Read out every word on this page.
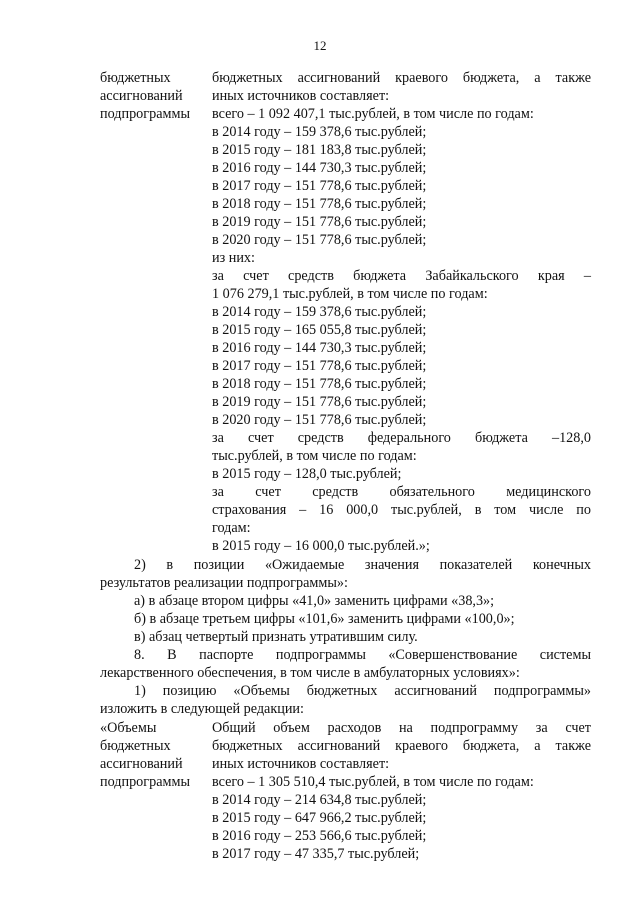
12
бюджетных
ассигнований
подпрограммы
бюджетных ассигнований краевого бюджета, а также
иных источников составляет:
всего – 1 092 407,1 тыс.рублей, в том числе по годам:
в 2014 году – 159 378,6 тыс.рублей;
в 2015 году – 181 183,8 тыс.рублей;
в 2016 году – 144 730,3 тыс.рублей;
в 2017 году – 151 778,6 тыс.рублей;
в 2018 году – 151 778,6 тыс.рублей;
в 2019 году – 151 778,6 тыс.рублей;
в 2020 году – 151 778,6 тыс.рублей;
из них:
за счет средств бюджета Забайкальского края –
1 076 279,1 тыс.рублей, в том числе по годам:
в 2014 году – 159 378,6 тыс.рублей;
в 2015 году – 165 055,8 тыс.рублей;
в 2016 году – 144 730,3 тыс.рублей;
в 2017 году – 151 778,6 тыс.рублей;
в 2018 году – 151 778,6 тыс.рублей;
в 2019 году – 151 778,6 тыс.рублей;
в 2020 году – 151 778,6 тыс.рублей;
за счет средств федерального бюджета –128,0
тыс.рублей, в том числе по годам:
в 2015 году – 128,0 тыс.рублей;
за счет средств обязательного медицинского
страхования – 16 000,0 тыс.рублей, в том числе по
годам:
в 2015 году – 16 000,0 тыс.рублей.»;
2) в позиции «Ожидаемые значения показателей конечных
результатов реализации подпрограммы»:
а) в абзаце втором цифры «41,0» заменить цифрами «38,3»;
б) в абзаце третьем цифры «101,6» заменить цифрами «100,0»;
в) абзац четвертый признать утратившим силу.
8. В паспорте подпрограммы «Совершенствование системы
лекарственного обеспечения, в том числе в амбулаторных условиях»:
1) позицию «Объемы бюджетных ассигнований подпрограммы»
изложить в следующей редакции:
«Объемы
бюджетных
ассигнований
подпрограммы
Общий объем расходов на подпрограмму за счет
бюджетных ассигнований краевого бюджета, а также
иных источников составляет:
всего – 1 305 510,4 тыс.рублей, в том числе по годам:
в 2014 году – 214 634,8 тыс.рублей;
в 2015 году – 647 966,2 тыс.рублей;
в 2016 году – 253 566,6 тыс.рублей;
в 2017 году – 47 335,7 тыс.рублей;
